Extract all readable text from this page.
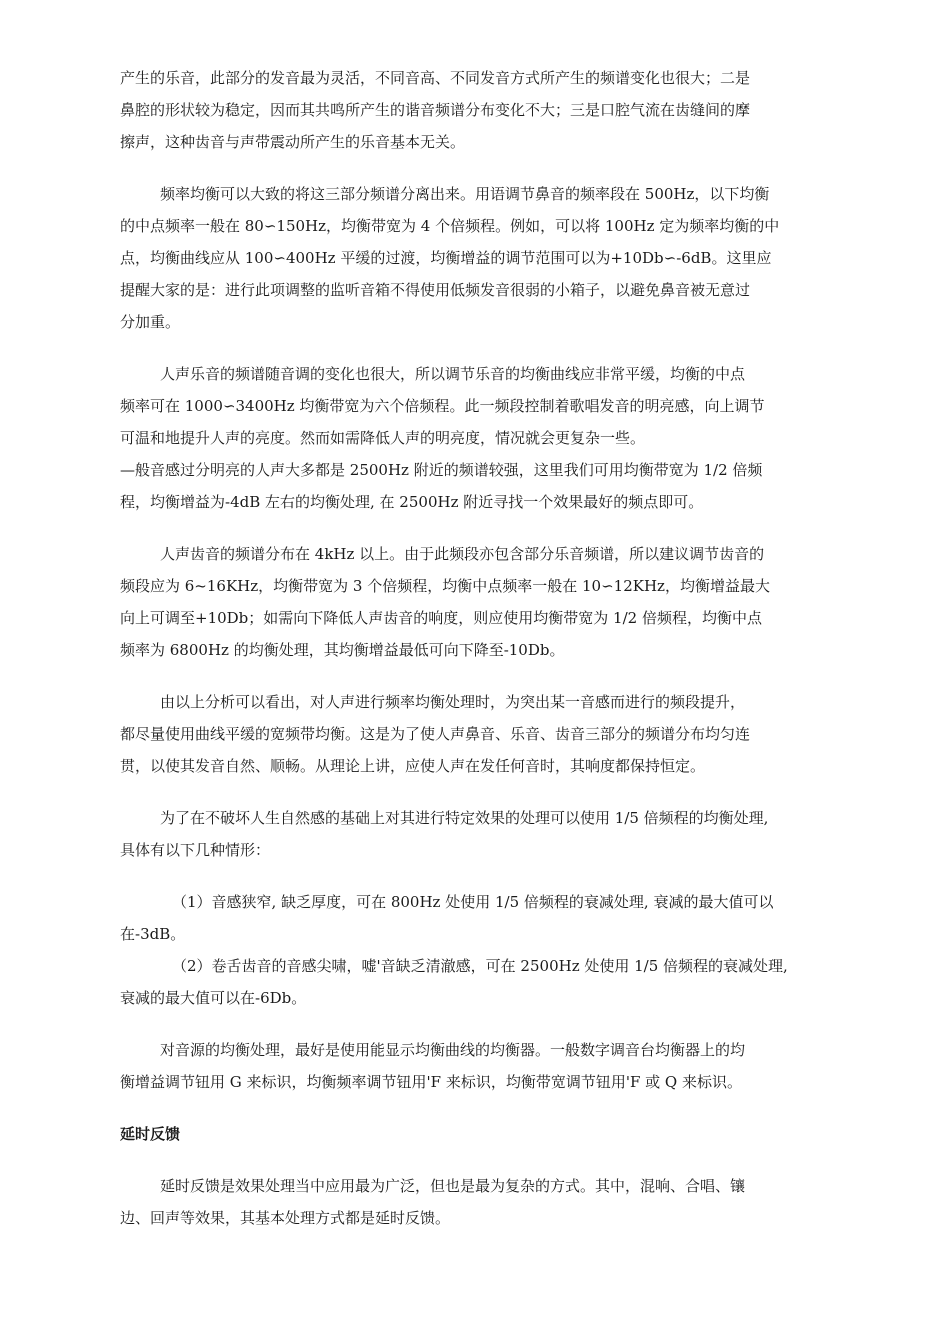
产生的乐音，此部分的发音最为灵活，不同音高、不同发音方式所产生的频谱变化也很大；二是
鼻腔的形状较为稳定，因而其共鸣所产生的谐音频谱分布变化不大；三是口腔气流在齿缝间的摩
擦声，这种齿音与声带震动所产生的乐音基本无关。

频率均衡可以大致的将这三部分频谱分离出来。用语调节鼻音的频率段在 500Hz，以下均衡
的中点频率一般在 80∽150Hz，均衡带宽为 4 个倍频程。例如，可以将 100Hz 定为频率均衡的中
点，均衡曲线应从 100∽400Hz 平缓的过渡，均衡增益的调节范围可以为+10Db∽-6dB。这里应
提醒大家的是：进行此项调整的监听音箱不得使用低频发音很弱的小箱子，以避免鼻音被无意过
分加重。

人声乐音的频谱随音调的变化也很大，所以调节乐音的均衡曲线应非常平缓，均衡的中点
频率可在 1000∽3400Hz 均衡带宽为六个倍频程。此一频段控制着歌唱发音的明亮感，向上调节
可温和地提升人声的亮度。然而如需降低人声的明亮度，情况就会更复杂一些。
—般音感过分明亮的人声大多都是 2500Hz 附近的频谱较强，这里我们可用均衡带宽为 1/2 倍频
程，均衡增益为-4dB 左右的均衡处理, 在 2500Hz 附近寻找一个效果最好的频点即可。

人声齿音的频谱分布在 4kHz 以上。由于此频段亦包含部分乐音频谱，所以建议调节齿音的
频段应为 6~16KHz，均衡带宽为 3 个倍频程，均衡中点频率一般在 10∽12KHz，均衡增益最大
向上可调至+10Db；如需向下降低人声齿音的响度，则应使用均衡带宽为 1/2 倍频程，均衡中点
频率为 6800Hz 的均衡处理，其均衡增益最低可向下降至-10Db。

由以上分析可以看出，对人声进行频率均衡处理时，为突出某一音感而进行的频段提升，
都尽量使用曲线平缓的宽频带均衡。这是为了使人声鼻音、乐音、齿音三部分的频谱分布均匀连
贯，以使其发音自然、顺畅。从理论上讲，应使人声在发任何音时，其响度都保持恒定。

为了在不破坏人生自然感的基础上对其进行特定效果的处理可以使用 1/5 倍频程的均衡处理,
具体有以下几种情形：

（1）音感狭窄, 缺乏厚度，可在 800Hz 处使用 1/5 倍频程的衰减处理, 衰减的最大值可以
在-3dB。

（2）卷舌齿音的音感尖啸，嘘'音缺乏清澈感，可在 2500Hz 处使用 1/5 倍频程的衰减处理,
衰减的最大值可以在-6Db。

对音源的均衡处理，最好是使用能显示均衡曲线的均衡器。一般数字调音台均衡器上的均
衡增益调节钮用 G 来标识，均衡频率调节钮用'F 来标识，均衡带宽调节钮用'F 或 Q 来标识。

延时反馈

延时反馈是效果处理当中应用最为广泛，但也是最为复杂的方式。其中，混响、合唱、镶
边、回声等效果，其基本处理方式都是延时反馈。
